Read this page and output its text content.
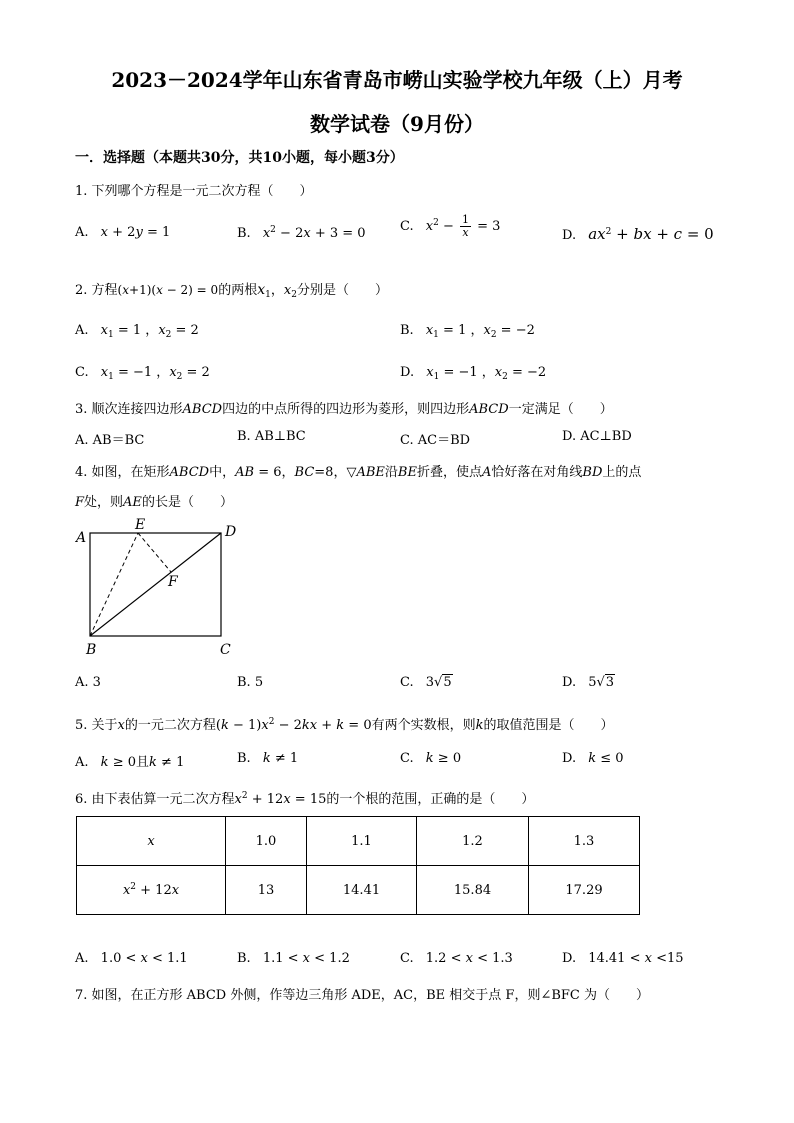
2023－2024学年山东省青岛市崂山实验学校九年级（上）月考
数学试卷（9月份）
一．选择题（本题共30分，共10小题，每小题3分）
1. 下列哪个方程是一元二次方程（　　）
A. x + 2y = 1	B. $x^2 - 2x + 3 = 0$	C. $x^2 - \frac{1}{x} = 3$
D. $ax^2$ + bx + c = 0
2. 方程(x+1)(x − 2) = 0的两根$x_1$，$x_2$分别是（　　）
A. $x_1 = 1$ ，$x_2 = 2$	B. $x_1 = 1$ ，$x_2 = -2$
C. $x_1 = -1$ ，$x_2 = 2$	D. $x_1 = -1$ ，$x_2 = -2$
3. 顺次连接四边形ABCD四边的中点所得的四边形为菱形，则四边形ABCD一定满足（　　）
A. AB＝BC	B. AB⊥BC	C. AC＝BD	D. AC⊥BD
4. 如图，在矩形ABCD中，AB = 6，BC=8，▽ABE沿BE折叠，使点A恰好落在对角线BD上的点
F处，则AE的长是（　　）
A
B	C
D
E
F
A. 3	B. 5	C. 3√5	D. 5√3
5. 关于x的一元二次方程$(k - 1)x^2 - 2kx + k = 0$有两个实数根，则k的取值范围是（　　）
A. k ≥ 0且k ≠ 1	B. k ≠ 1	C. k ≥ 0	D. k ≤ 0
6. 由下表估算一元二次方程$x^2 + 12x = 15$的一个根的范围，正确的是（　　）
x	1.0	1.1	1.2	1.3
$x^2 + 12x$	13	14.41	15.84	17.29
A. 1.0 < x < 1.1	B. 1.1 < x < 1.2	C. 1.2 < x < 1.3	D. 14.41 < x <15
7. 如图，在正方形 ABCD 外侧，作等边三角形 ADE，AC，BE 相交于点 F，则∠BFC 为（　　）
